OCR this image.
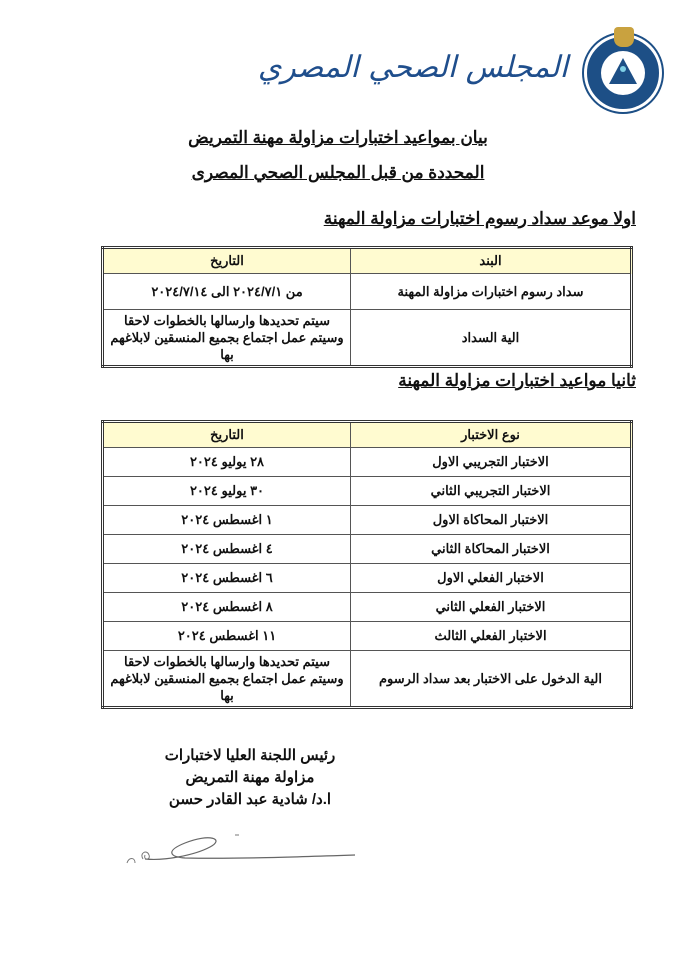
المجلس الصحي المصري
بيان بمواعيد اختبارات مزاولة مهنة التمريض
المحددة من قبل المجلس الصحي المصرى
اولا موعد سداد رسوم اختبارات مزاولة المهنة
البند	التاريخ
سداد رسوم اختبارات مزاولة المهنة	من ٢٠٢٤/٧/١ الى ٢٠٢٤/٧/١٤
الية السداد	سيتم تحديدها وارسالها بالخطوات لاحقا
وسيتم عمل اجتماع بجميع المنسقين لابلاغهم بها
ثانيا مواعيد اختبارات مزاولة المهنة
نوع الاختبار	التاريخ
الاختبار التجريبي الاول	٢٨ يوليو ٢٠٢٤
الاختبار التجريبي الثاني	٣٠ يوليو ٢٠٢٤
الاختبار المحاكاة الاول	١ اغسطس ٢٠٢٤
الاختبار المحاكاة الثاني	٤ اغسطس ٢٠٢٤
الاختبار الفعلي الاول	٦ اغسطس ٢٠٢٤
الاختبار الفعلي الثاني	٨ اغسطس ٢٠٢٤
الاختبار الفعلي الثالث	١١ اغسطس ٢٠٢٤
الية الدخول على الاختبار بعد سداد الرسوم	سيتم تحديدها وارسالها بالخطوات لاحقا
وسيتم عمل اجتماع بجميع المنسقين لابلاغهم بها
رئيس اللجنة العليا لاختبارات
مزاولة مهنة التمريض
ا.د/ شادية عبد القادر حسن
